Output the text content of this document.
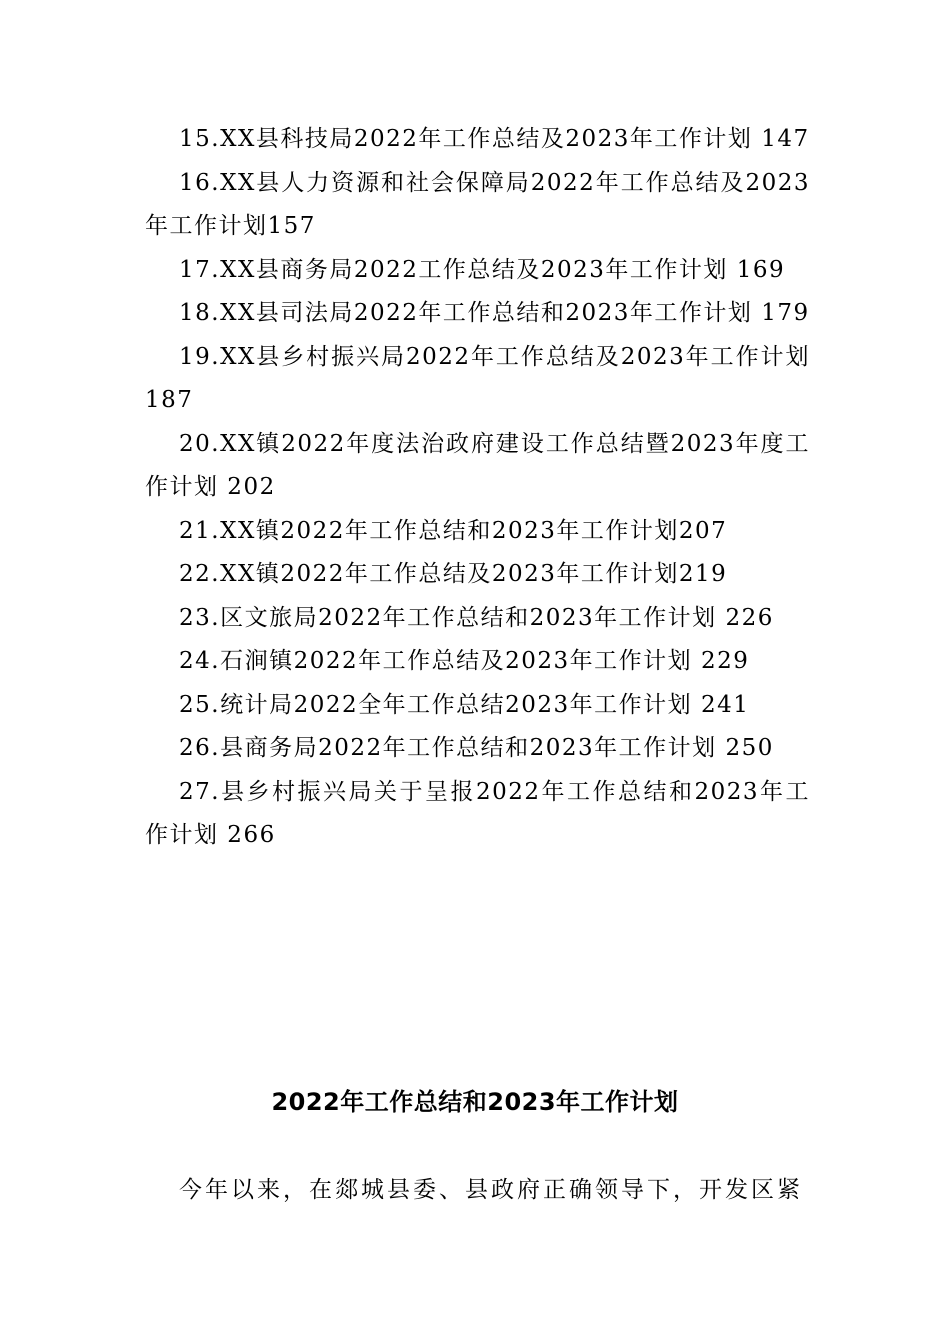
15.XX县科技局2022年工作总结及2023年工作计划 147
16.XX县人力资源和社会保障局2022年工作总结及2023年工作计划157
17.XX县商务局2022工作总结及2023年工作计划 169
18.XX县司法局2022年工作总结和2023年工作计划 179
19.XX县乡村振兴局2022年工作总结及2023年工作计划 187
20.XX镇2022年度法治政府建设工作总结暨2023年度工作计划 202
21.XX镇2022年工作总结和2023年工作计划207
22.XX镇2022年工作总结及2023年工作计划219
23.区文旅局2022年工作总结和2023年工作计划 226
24.石涧镇2022年工作总结及2023年工作计划 229
25.统计局2022全年工作总结2023年工作计划 241
26.县商务局2022年工作总结和2023年工作计划 250
27.县乡村振兴局关于呈报2022年工作总结和2023年工作计划 266
2022年工作总结和2023年工作计划
今年以来，在郯城县委、县政府正确领导下，开发区紧
